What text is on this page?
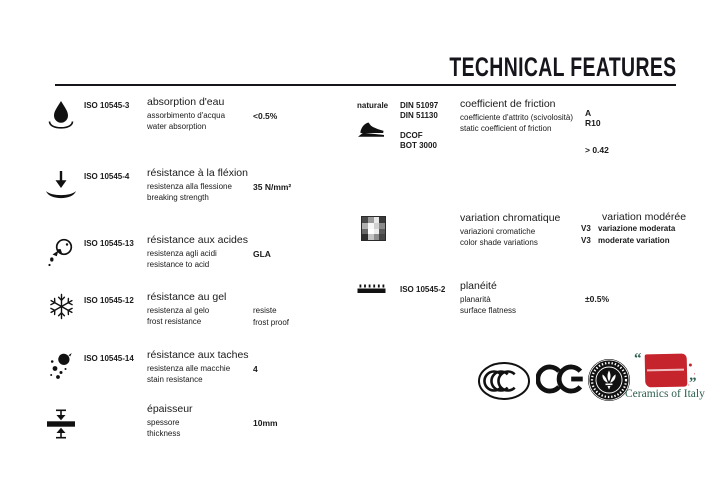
TECHNICAL FEATURES
ISO 10545-3 absorption d'eau
assorbimento d'acqua
water absorption
<0.5%
ISO 10545-4 résistance à la fléxion
resistenza alla flessione
breaking strength
35 N/mm²
ISO 10545-13 résistance aux acides
resistenza agli acidi
resistance to acid
GLA
ISO 10545-12 résistance au gel
resistenza al gelo
frost resistance
resiste
frost proof
ISO 10545-14 résistance aux taches
resistenza alle macchie
stain resistance
4
épaisseur
spessore
thickness
10mm
naturale DIN 51097
DIN 51130
DCOF
BOT 3000
coefficient de friction
coefficiente d'attrito (scivolosità)
static coefficient of friction
A
R10
> 0.42
variation chromatique
variazioni cromatiche
color shade variations
variation modérée
V3 variazione moderata
V3 moderate variation
ISO 10545-2 planéité
planarità
surface flatness
±0.5%
“
”
Ceramics of Italy
